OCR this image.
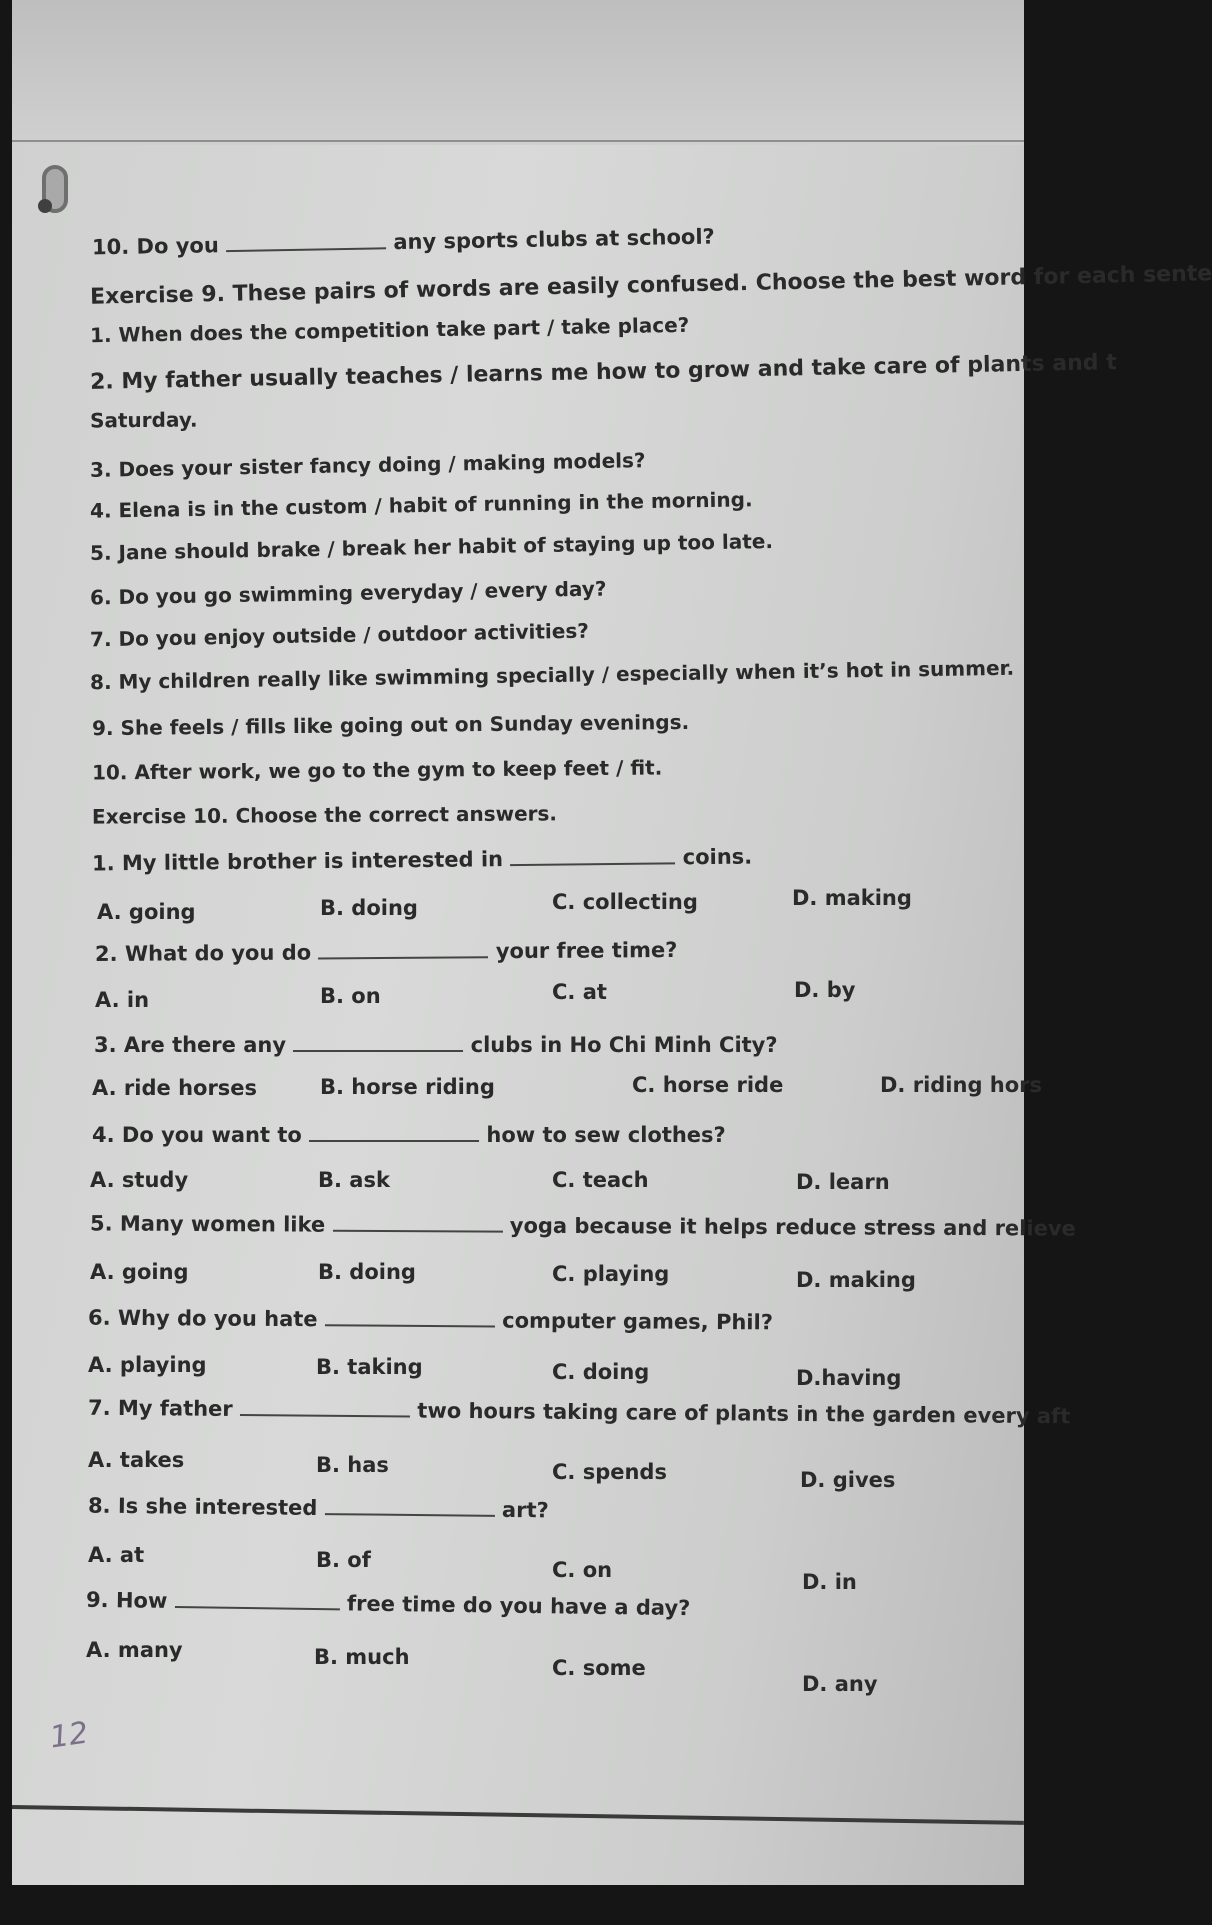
10. Do you	any sports clubs at school?
Exercise 9. These pairs of words are easily confused. Choose the best word for each sente
1. When does the competition take part / take place?
2. My father usually teaches / learns me how to grow and take care of plants and t
Saturday.
3. Does your sister fancy doing / making models?
4. Elena is in the custom / habit of running in the morning.
5. Jane should brake / break her habit of staying up too late.
6. Do you go swimming everyday / every day?
7. Do you enjoy outside / outdoor activities?
8. My children really like swimming specially / especially when it’s hot in summer.
9. She feels / fills like going out on Sunday evenings.
10. After work, we go to the gym to keep feet / fit.
Exercise 10. Choose the correct answers.
1. My little brother is interested in	coins.
A. going	B. doing	C. collecting	D. making
2. What do you do	your free time?
A. in	B. on	C. at	D. by
3. Are there any	clubs in Ho Chi Minh City?
A. ride horses	B. horse riding	C. horse ride	D. riding hors
4. Do you want to	how to sew clothes?
A. study	B. ask	C. teach	D. learn
5. Many women like	yoga because it helps reduce stress and relieve
A. going	B. doing	C. playing	D. making
6. Why do you hate	computer games, Phil?
A. playing	B. taking	C. doing	D.having
7. My father	two hours taking care of plants in the garden every aft
A. takes	B. has	C. spends	D. gives
8. Is she interested	art?
A. at	B. of	C. on	D. in
9. How	free time do you have a day?
A. many	B. much	C. some
D. any
12
